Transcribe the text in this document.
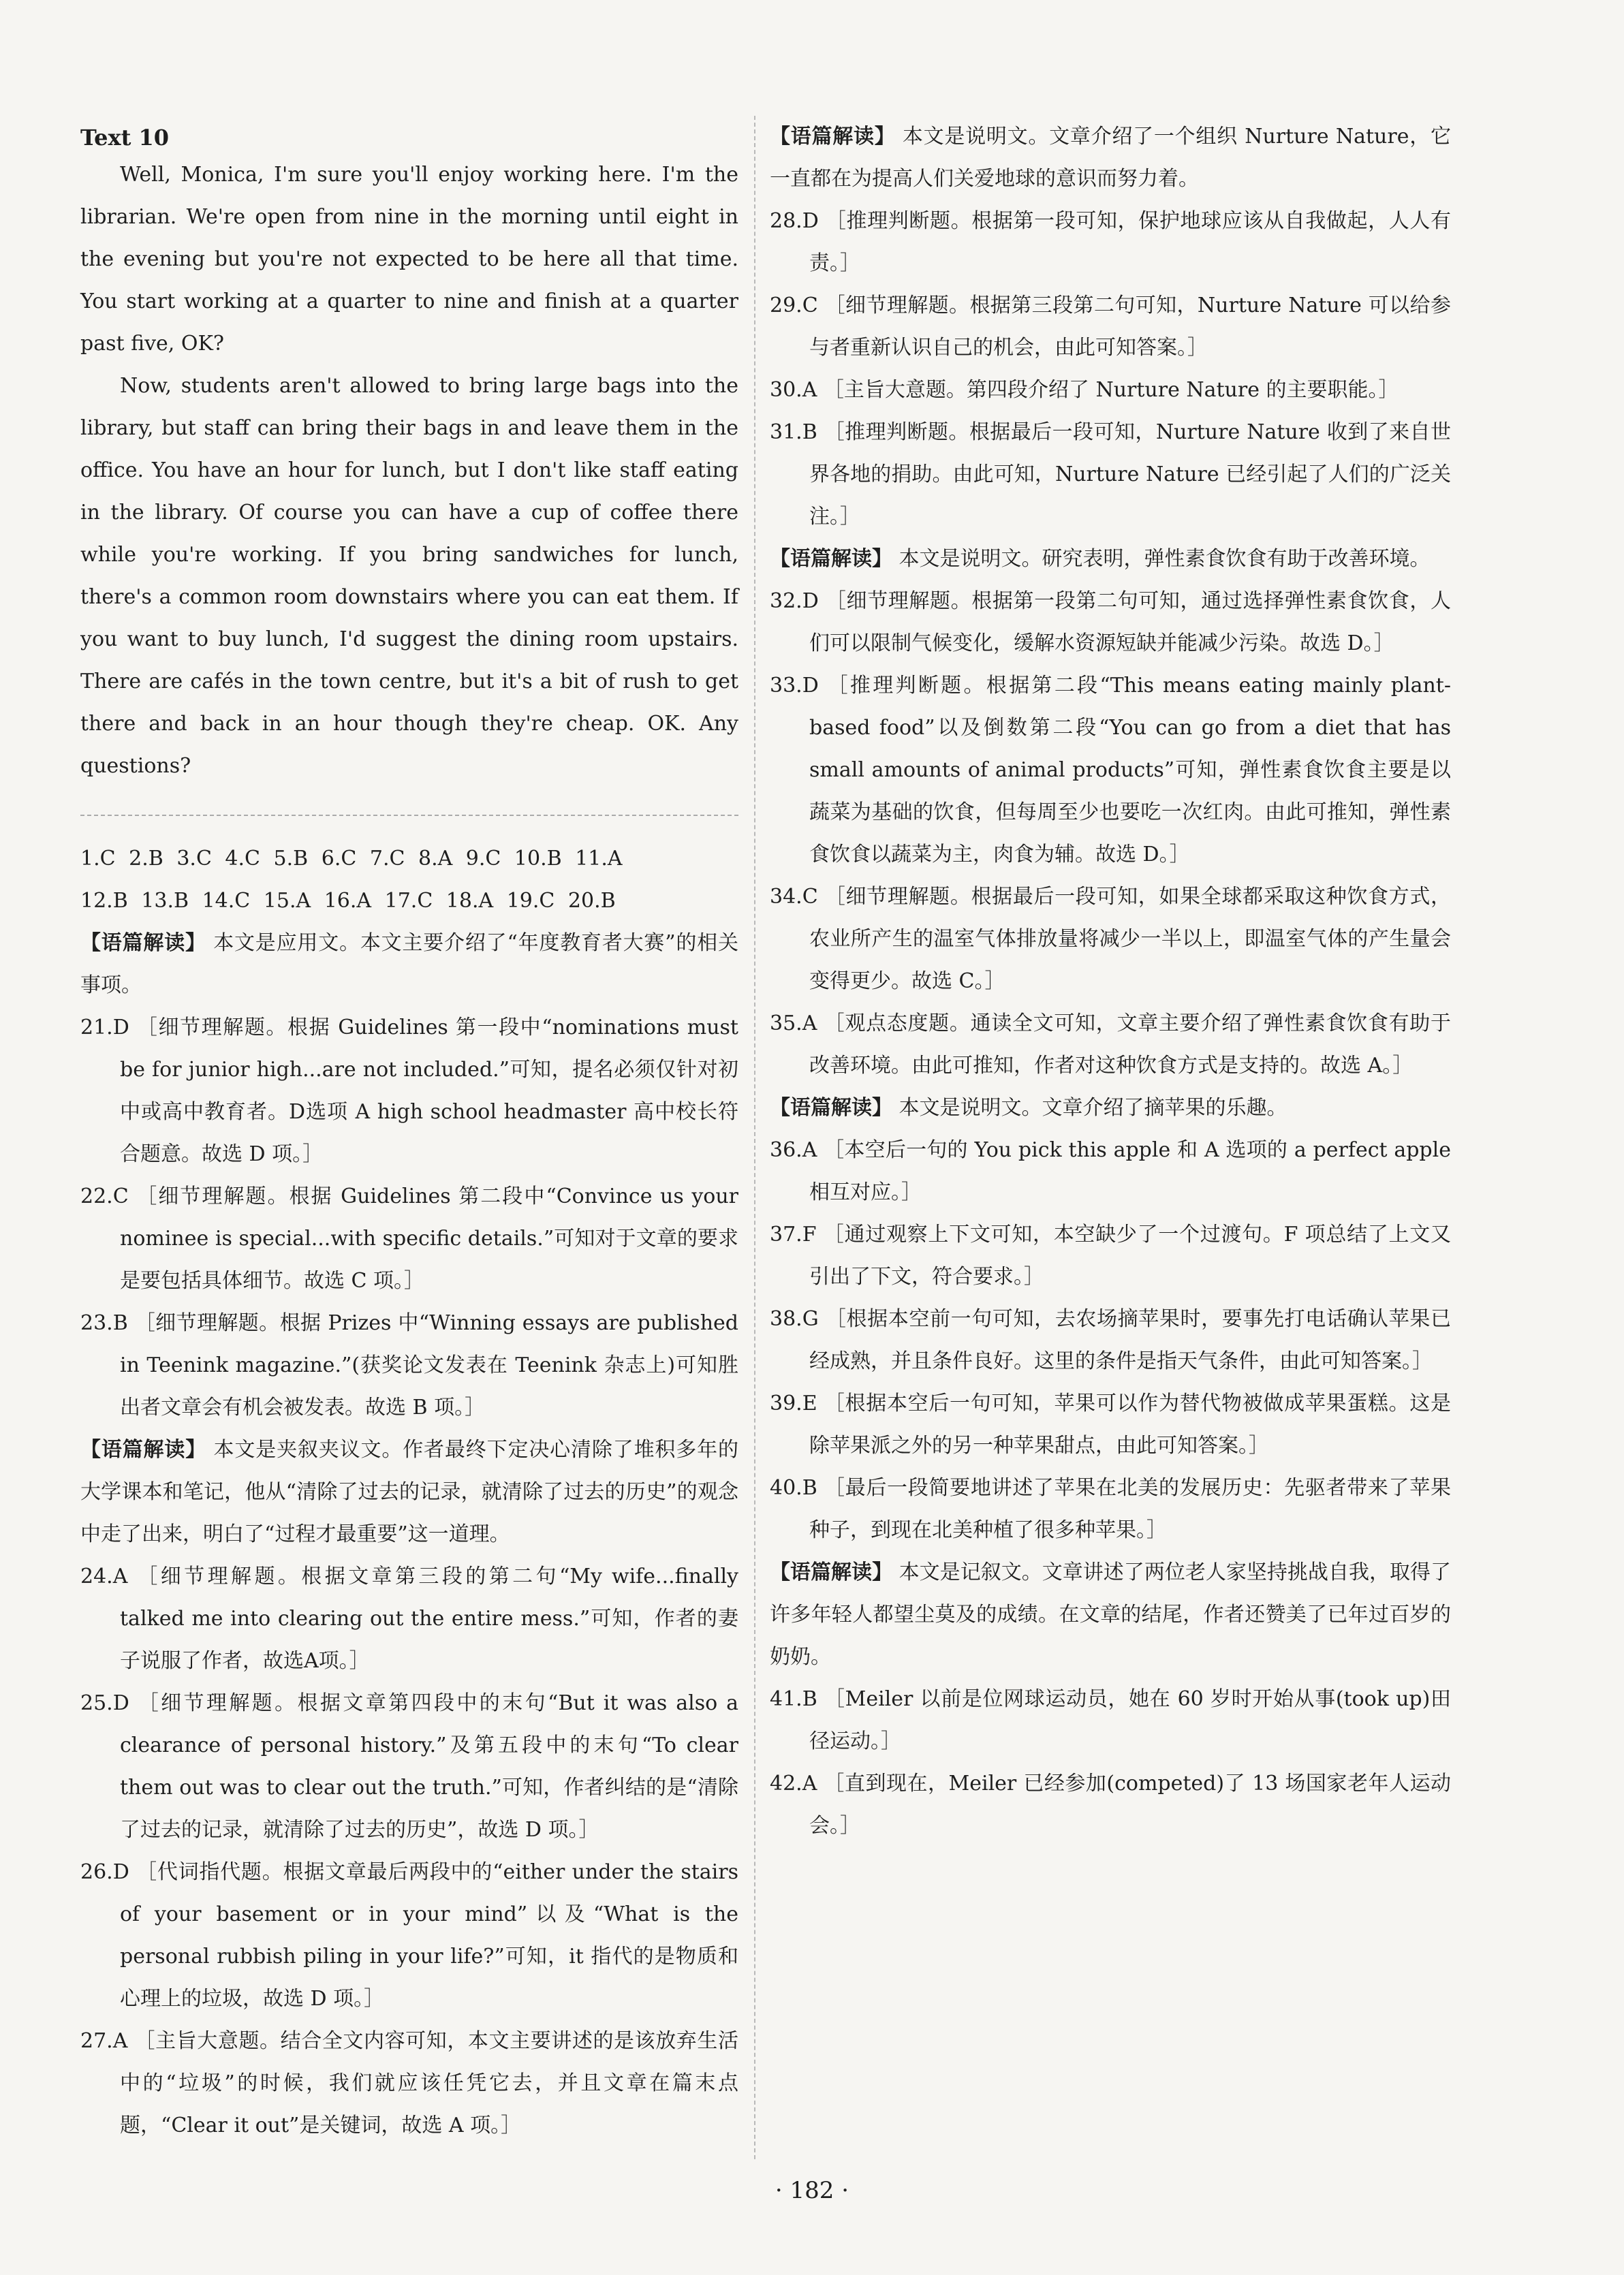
Text 10

Well, Monica, I'm sure you'll enjoy working here. I'm the librarian. We're open from nine in the morning until eight in the evening but you're not expected to be here all that time. You start working at a quarter to nine and finish at a quarter past five, OK?

Now, students aren't allowed to bring large bags into the library, but staff can bring their bags in and leave them in the office. You have an hour for lunch, but I don't like staff eating in the library. Of course you can have a cup of coffee there while you're working. If you bring sandwiches for lunch, there's a common room downstairs where you can eat them. If you want to buy lunch, I'd suggest the dining room upstairs. There are cafés in the town centre, but it's a bit of rush to get there and back in an hour though they're cheap. OK. Any questions?

1.C 2.B 3.C 4.C 5.B 6.C 7.C 8.A 9.C 10.B 11.A

12.B 13.B 14.C 15.A 16.A 17.C 18.A 19.C 20.B

【语篇解读】 本文是应用文。本文主要介绍了“年度教育者大赛”的相关事项。

21.D ［细节理解题。根据 Guidelines 第一段中“nominations must be for junior high...are not included.”可知，提名必须仅针对初中或高中教育者。D选项 A high school headmaster 高中校长符合题意。故选 D 项。］

22.C ［细节理解题。根据 Guidelines 第二段中“Convince us your nominee is special...with specific details.”可知对于文章的要求是要包括具体细节。故选 C 项。］

23.B ［细节理解题。根据 Prizes 中“Winning essays are published in Teenink magazine.”(获奖论文发表在 Teenink 杂志上)可知胜出者文章会有机会被发表。故选 B 项。］

【语篇解读】 本文是夹叙夹议文。作者最终下定决心清除了堆积多年的大学课本和笔记，他从“清除了过去的记录，就清除了过去的历史”的观念中走了出来，明白了“过程才最重要”这一道理。

24.A ［细节理解题。根据文章第三段的第二句“My wife...finally talked me into clearing out the entire mess.”可知，作者的妻子说服了作者，故选A项。］

25.D ［细节理解题。根据文章第四段中的末句“But it was also a clearance of personal history.”及第五段中的末句“To clear them out was to clear out the truth.”可知，作者纠结的是“清除了过去的记录，就清除了过去的历史”，故选 D 项。］

26.D ［代词指代题。根据文章最后两段中的“either under the stairs of your basement or in your mind”以及“What is the personal rubbish piling in your life?”可知，it 指代的是物质和心理上的垃圾，故选 D 项。］

27.A ［主旨大意题。结合全文内容可知，本文主要讲述的是该放弃生活中的“垃圾”的时候，我们就应该任凭它去，并且文章在篇末点题，“Clear it out”是关键词，故选 A 项。］

【语篇解读】 本文是说明文。文章介绍了一个组织 Nurture Nature，它一直都在为提高人们关爱地球的意识而努力着。

28.D ［推理判断题。根据第一段可知，保护地球应该从自我做起，人人有责。］

29.C ［细节理解题。根据第三段第二句可知，Nurture Nature 可以给参与者重新认识自己的机会，由此可知答案。］

30.A ［主旨大意题。第四段介绍了 Nurture Nature 的主要职能。］

31.B ［推理判断题。根据最后一段可知，Nurture Nature 收到了来自世界各地的捐助。由此可知，Nurture Nature 已经引起了人们的广泛关注。］

【语篇解读】 本文是说明文。研究表明，弹性素食饮食有助于改善环境。

32.D ［细节理解题。根据第一段第二句可知，通过选择弹性素食饮食，人们可以限制气候变化，缓解水资源短缺并能减少污染。故选 D。］

33.D ［推理判断题。根据第二段“This means eating mainly plant-based food”以及倒数第二段“You can go from a diet that has small amounts of animal products”可知，弹性素食饮食主要是以蔬菜为基础的饮食，但每周至少也要吃一次红肉。由此可推知，弹性素食饮食以蔬菜为主，肉食为辅。故选 D。］

34.C ［细节理解题。根据最后一段可知，如果全球都采取这种饮食方式，农业所产生的温室气体排放量将减少一半以上，即温室气体的产生量会变得更少。故选 C。］

35.A ［观点态度题。通读全文可知，文章主要介绍了弹性素食饮食有助于改善环境。由此可推知，作者对这种饮食方式是支持的。故选 A。］

【语篇解读】 本文是说明文。文章介绍了摘苹果的乐趣。

36.A ［本空后一句的 You pick this apple 和 A 选项的 a perfect apple 相互对应。］

37.F ［通过观察上下文可知，本空缺少了一个过渡句。F 项总结了上文又引出了下文，符合要求。］

38.G ［根据本空前一句可知，去农场摘苹果时，要事先打电话确认苹果已经成熟，并且条件良好。这里的条件是指天气条件，由此可知答案。］

39.E ［根据本空后一句可知，苹果可以作为替代物被做成苹果蛋糕。这是除苹果派之外的另一种苹果甜点，由此可知答案。］

40.B ［最后一段简要地讲述了苹果在北美的发展历史：先驱者带来了苹果种子，到现在北美种植了很多种苹果。］

【语篇解读】 本文是记叙文。文章讲述了两位老人家坚持挑战自我，取得了许多年轻人都望尘莫及的成绩。在文章的结尾，作者还赞美了已年过百岁的奶奶。

41.B ［Meiler 以前是位网球运动员，她在 60 岁时开始从事(took up)田径运动。］

42.A ［直到现在，Meiler 已经参加(competed)了 13 场国家老年人运动会。］

· 182 ·
